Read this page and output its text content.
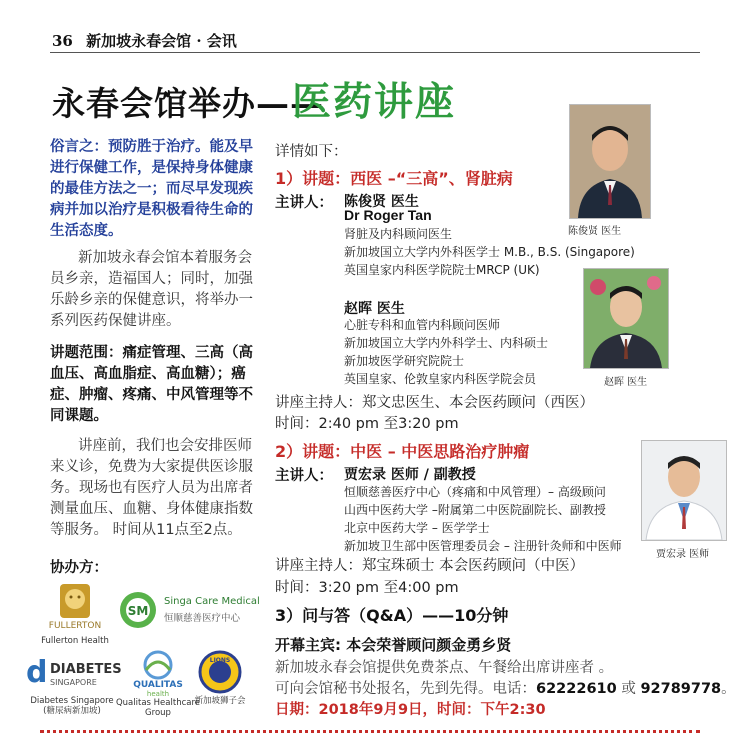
36 新加坡永春会馆 · 会讯
永春会馆举办——
医药讲座
俗言之：预防胜于治疗。能及早进行保健工作，是保持身体健康的最佳方法之一；而尽早发现疾病并加以治疗是积极看待生命的生活态度。
新加坡永春会馆本着服务会员乡亲，造福国人；同时，加强乐龄乡亲的保健意识，将举办一系列医药保健讲座。
讲题范围：痛症管理、三高（高血压、高血脂症、高血糖）；癌症、肿瘤、疼痛、中风管理等不同课题。
讲座前，我们也会安排医师来义诊，免费为大家提供医诊服务。现场也有医疗人员为出席者测量血压、血糖、身体健康指数等服务。 时间从11点至2点。
协办方：
FULLERTON
Fullerton Health
SM
Singa Care Medical
恒顺慈善医疗中心
d DIABETES
SINGAPORE
Diabetes Singapore (糖尿病新加坡)
QUALITAS
health
Qualitas Healthcare Group
LIONS
新加坡狮子会
详情如下：
1）讲题：西医 –“三高”、肾脏病
主讲人： 陈俊贤 医生
Dr Roger Tan
肾脏及内科顾问医生
新加坡国立大学内外科医学士 M.B., B.S. (Singapore)
英国皇家内科医学院院士MRCP (UK)
陈俊贤 医生
赵晖 医生
心脏专科和血管内科顾问医师
新加坡国立大学内外科学士、内科硕士
新加坡医学研究院院士
英国皇家、伦敦皇家内科医学院会员	赵晖 医生
讲座主持人：郑文忠医生、本会医药顾问（西医）
时间：2:40 pm 至3:20 pm
2）讲题：中医 – 中医思路治疗肿瘤
主讲人： 贾宏录 医师 / 副教授
恒顺慈善医疗中心（疼痛和中风管理）– 高级顾问
山西中医药大学 –附属第二中医院副院长、副教授
北京中医药大学 – 医学学士
新加坡卫生部中医管理委员会 – 注册针灸师和中医师
贾宏录 医师
讲座主持人：郑宝珠硕士 本会医药顾问（中医）
时间：3:20 pm 至4:00 pm
3）问与答（Q&A）——10分钟
开幕主宾: 本会荣誉顾问颜金勇乡贤
新加坡永春会馆提供免费茶点、午餐给出席讲座者 。
可向会馆秘书处报名，先到先得。电话：62222610 或 92789778。
日期：2018年9月9日，时间：下午2:30
